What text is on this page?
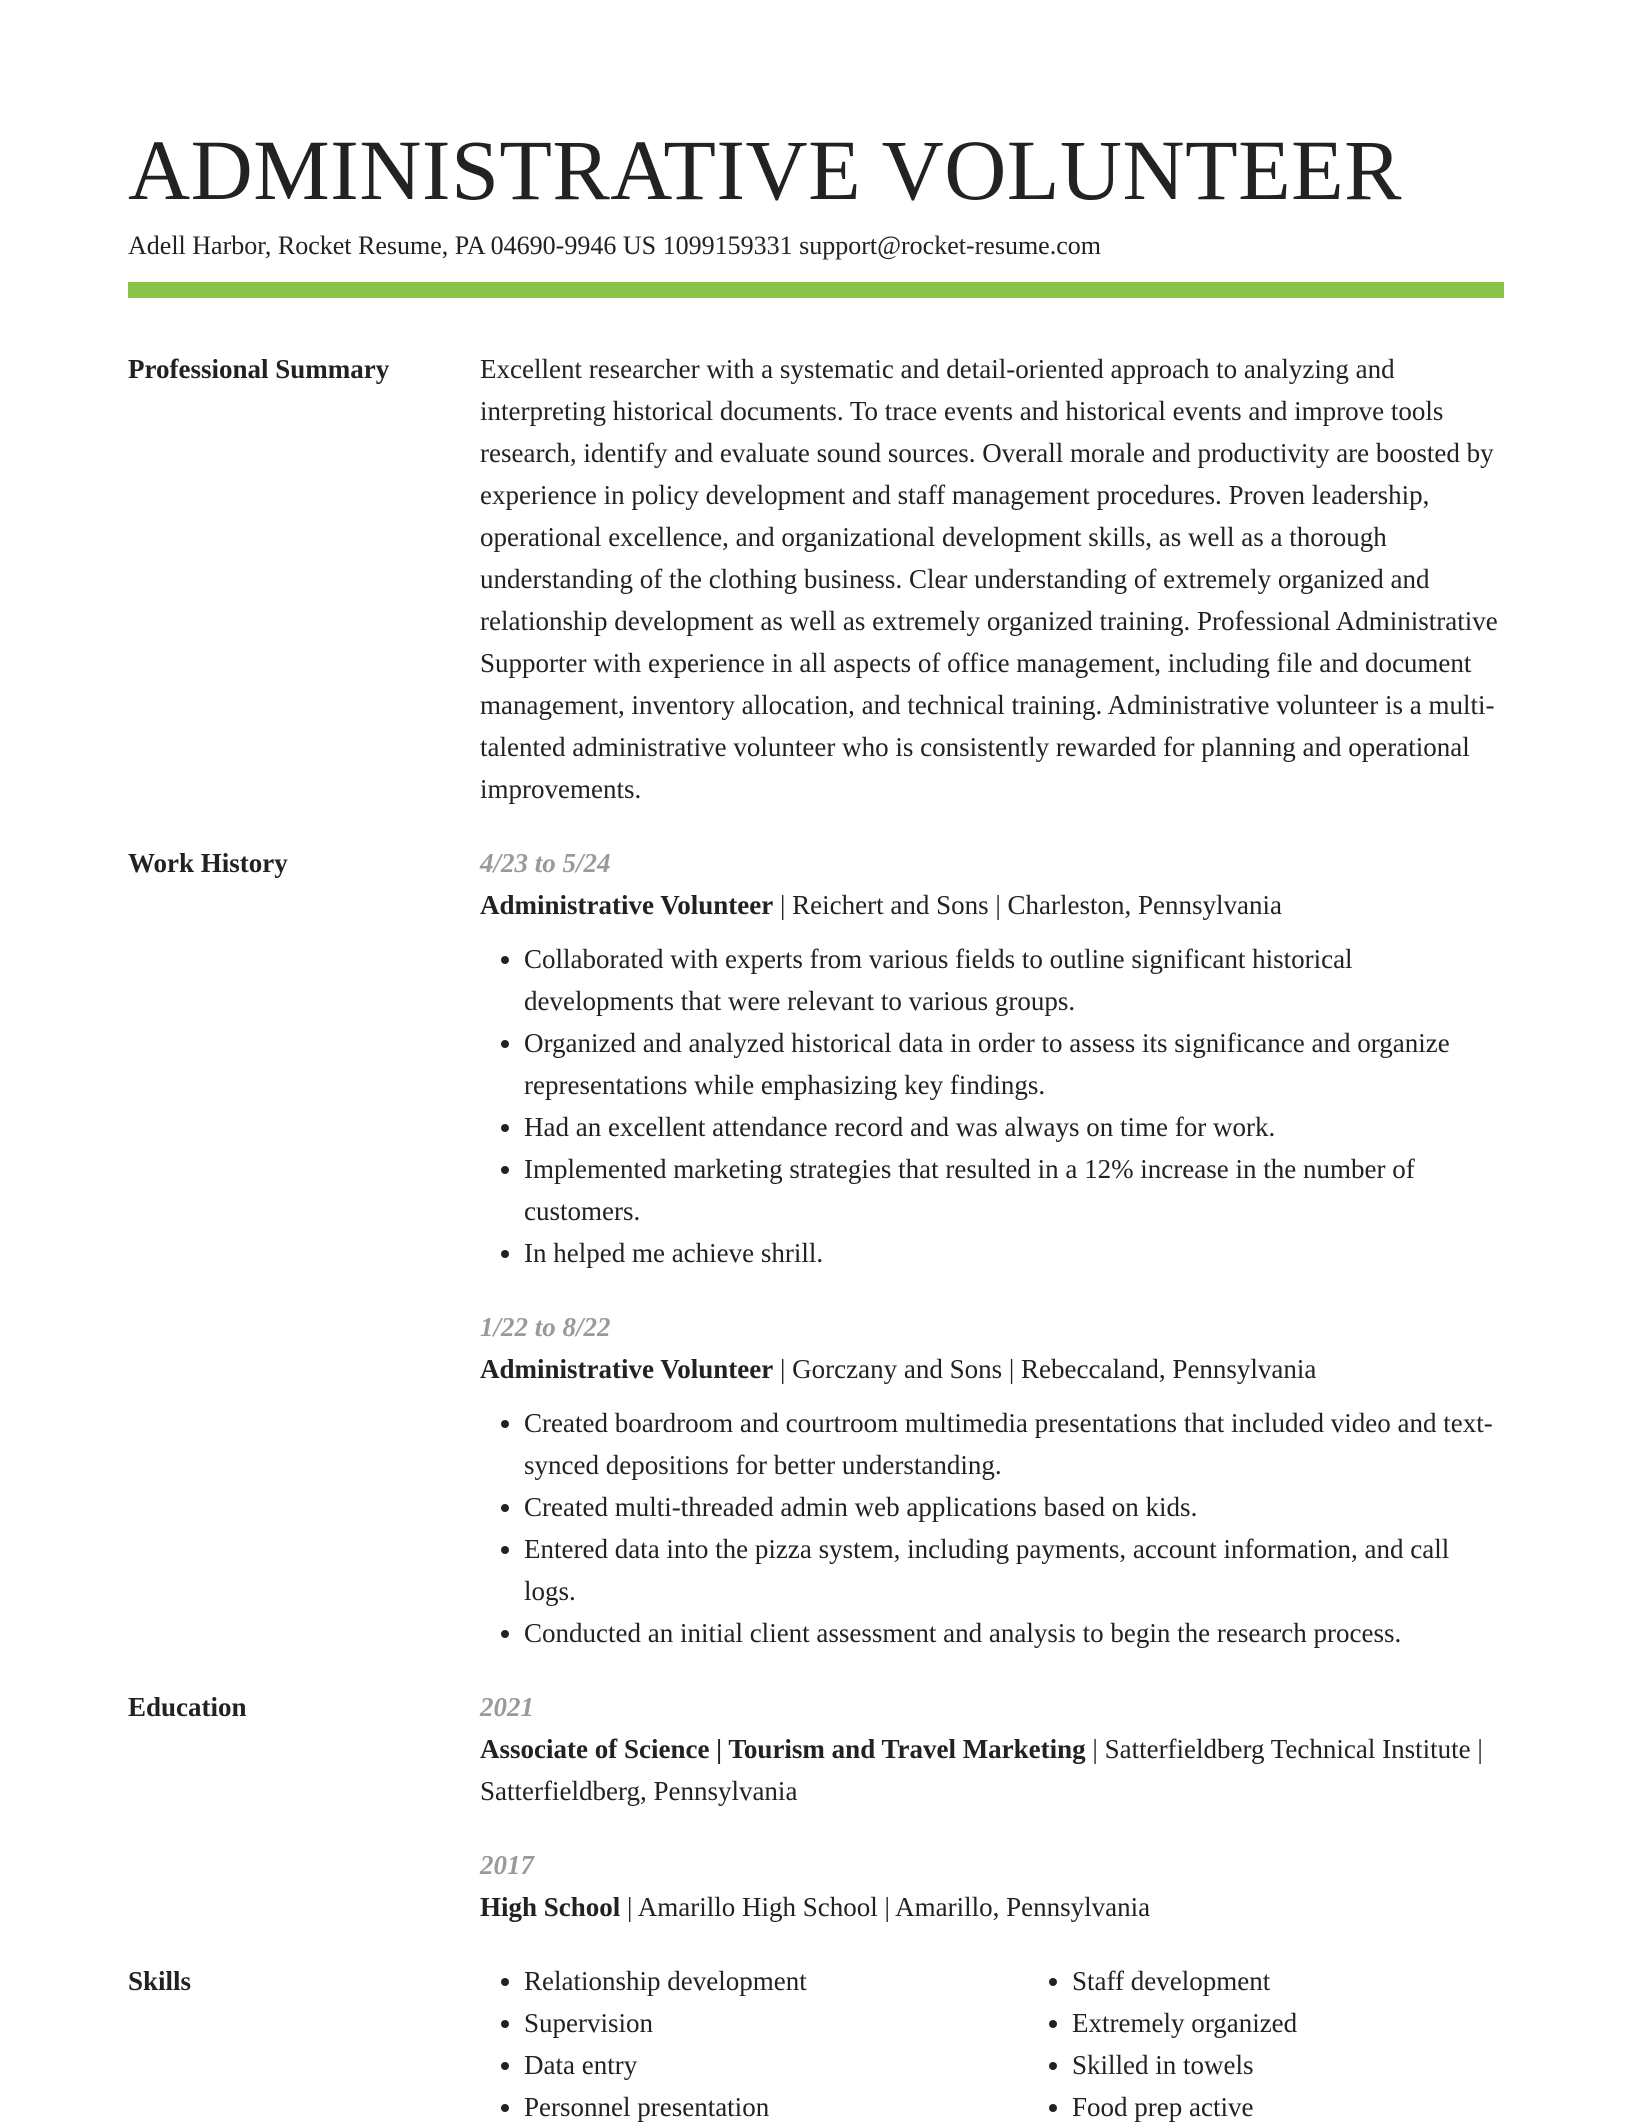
ADMINISTRATIVE VOLUNTEER
Adell Harbor, Rocket Resume, PA 04690-9946 US 1099159331 support@rocket-resume.com
Professional Summary	Excellent researcher with a systematic and detail-oriented approach to analyzing and interpreting historical documents. To trace events and historical events and improve tools research, identify and evaluate sound sources. Overall morale and productivity are boosted by experience in policy development and staff management procedures. Proven leadership, operational excellence, and organizational development skills, as well as a thorough understanding of the clothing business. Clear understanding of extremely organized and relationship development as well as extremely organized training. Professional Administrative Supporter with experience in all aspects of office management, including file and document management, inventory allocation, and technical training. Administrative volunteer is a multi-talented administrative volunteer who is consistently rewarded for planning and operational improvements.
Work History	4/23 to 5/24
Administrative Volunteer | Reichert and Sons | Charleston, Pennsylvania
• Collaborated with experts from various fields to outline significant historical developments that were relevant to various groups.
• Organized and analyzed historical data in order to assess its significance and organize representations while emphasizing key findings.
• Had an excellent attendance record and was always on time for work.
• Implemented marketing strategies that resulted in a 12% increase in the number of customers.
• In helped me achieve shrill.
1/22 to 8/22
Administrative Volunteer | Gorczany and Sons | Rebeccaland, Pennsylvania
• Created boardroom and courtroom multimedia presentations that included video and text-synced depositions for better understanding.
• Created multi-threaded admin web applications based on kids.
• Entered data into the pizza system, including payments, account information, and call logs.
• Conducted an initial client assessment and analysis to begin the research process.
Education	2021
Associate of Science | Tourism and Travel Marketing | Satterfieldberg Technical Institute | Satterfieldberg, Pennsylvania
2017
High School | Amarillo High School | Amarillo, Pennsylvania
Skills
•	Relationship development
• Supervision
• Data entry
• Personnel presentation
• Staff development
• Extremely organized
• Skilled in towels
• Food prep active
